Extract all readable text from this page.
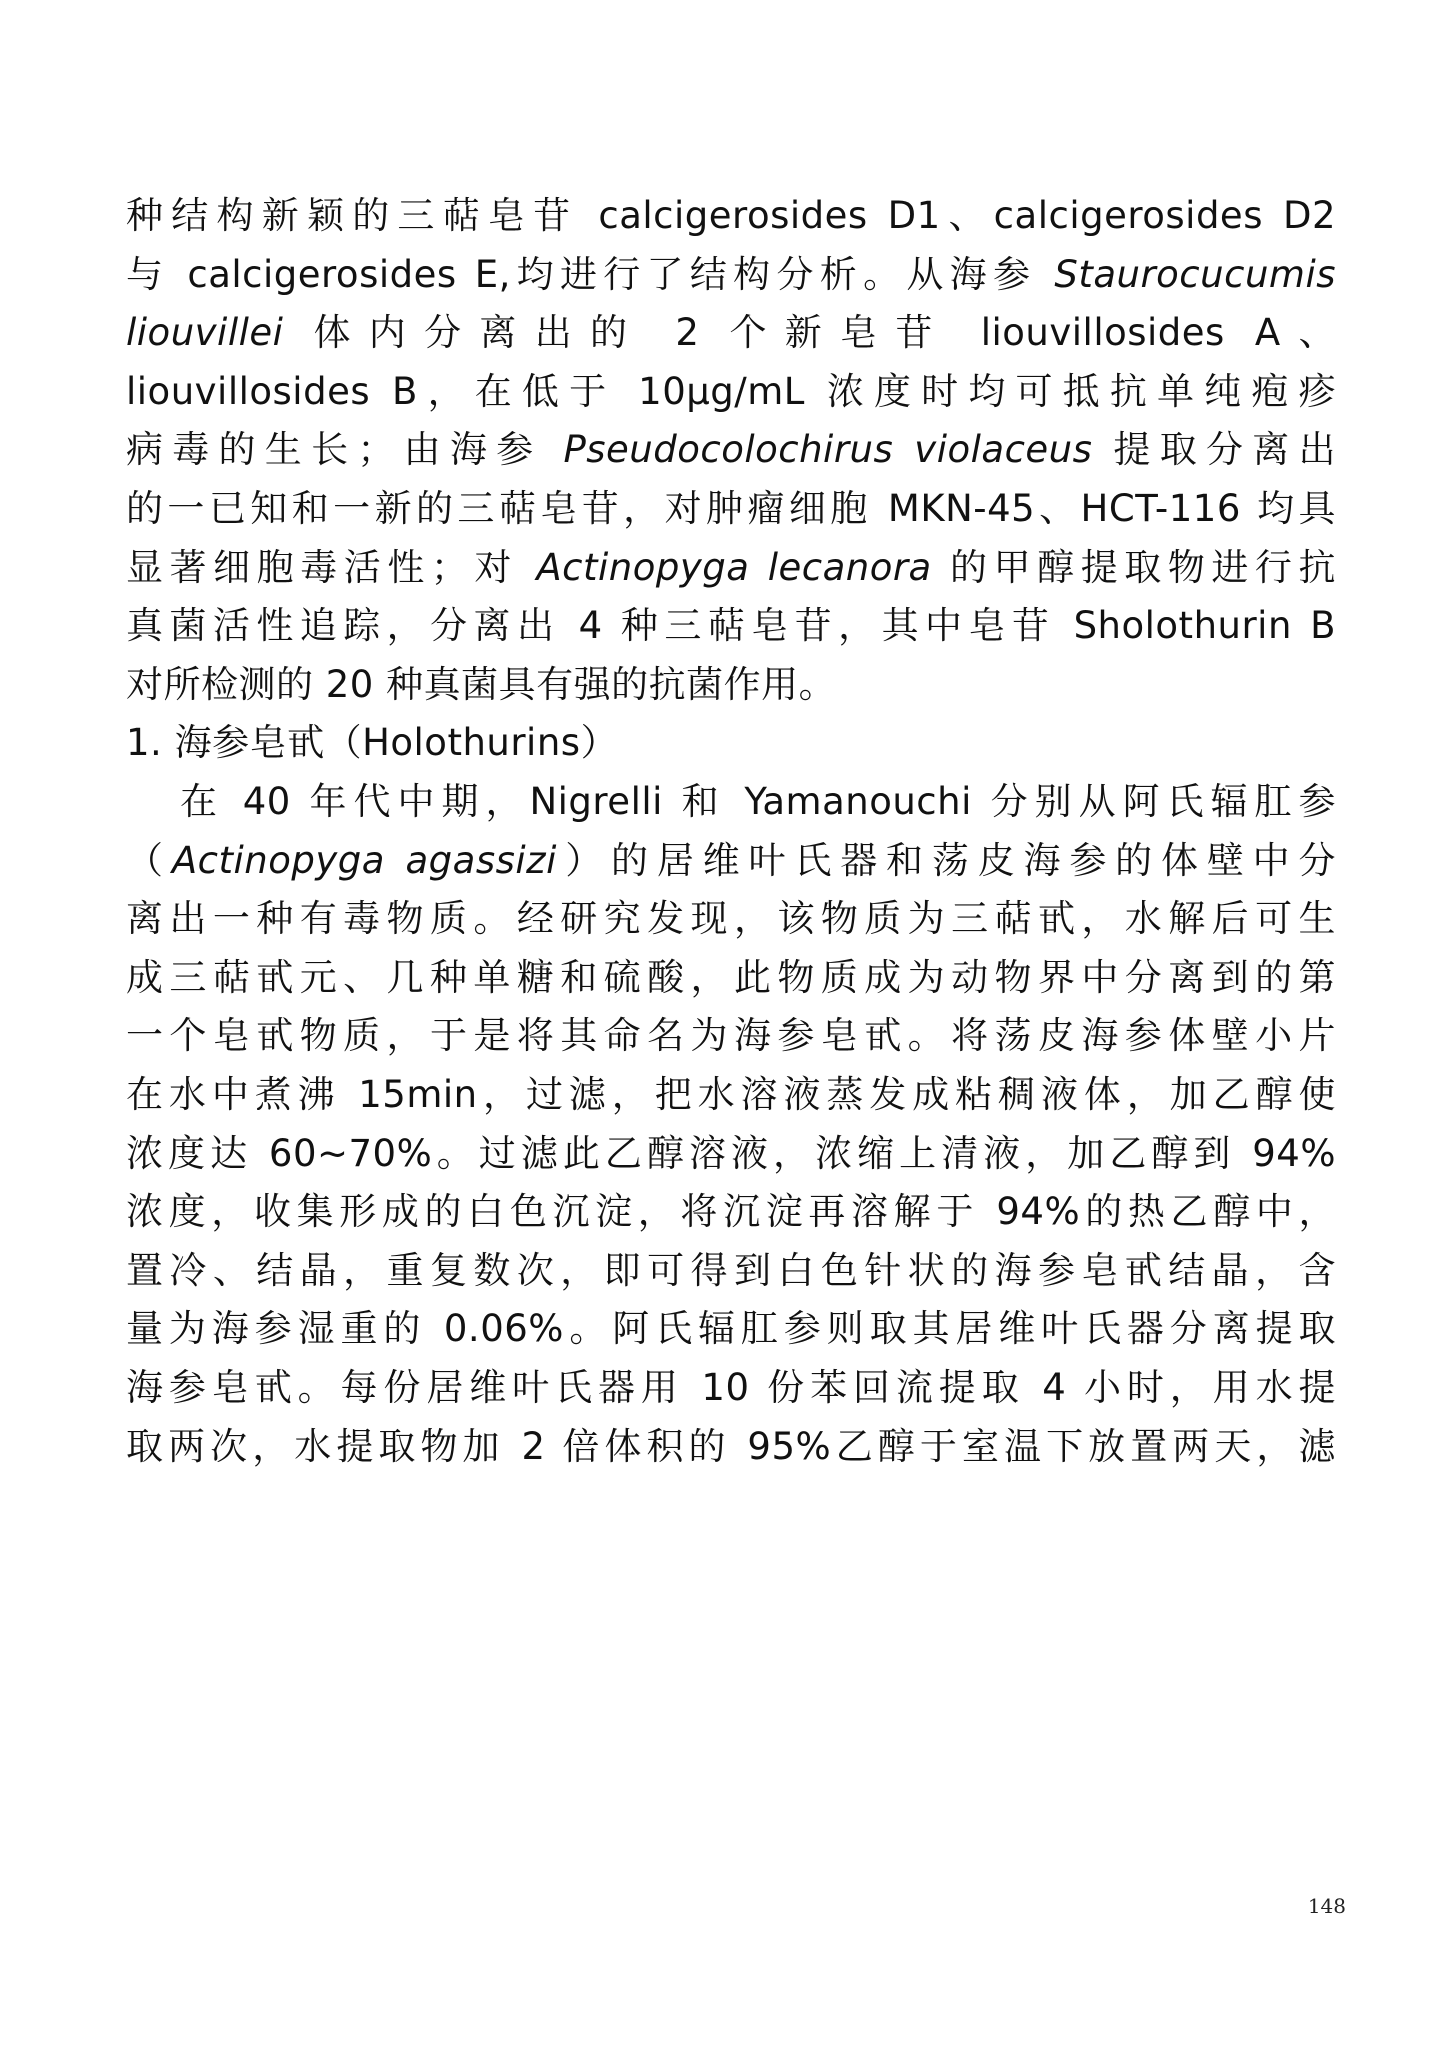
种结构新颖的三萜皂苷 calcigerosides D1、calcigerosides D2
与 calcigerosides E,均进行了结构分析。从海参 Staurocucumis
liouvillei 体内分离出的 2 个新皂苷 liouvillosides A、
liouvillosides B，在低于 10μg/mL 浓度时均可抵抗单纯疱疹
病毒的生长；由海参 Pseudocolochirus violaceus 提取分离出
的一已知和一新的三萜皂苷，对肿瘤细胞 MKN-45、HCT-116 均具
显著细胞毒活性；对 Actinopyga lecanora 的甲醇提取物进行抗
真菌活性追踪，分离出 4 种三萜皂苷，其中皂苷 Sholothurin B
对所检测的 20 种真菌具有强的抗菌作用。
1. 海参皂甙（Holothurins）
在 40 年代中期，Nigrelli 和 Yamanouchi 分别从阿氏辐肛参
（Actinopyga agassizi）的居维叶氏器和荡皮海参的体壁中分
离出一种有毒物质。经研究发现，该物质为三萜甙，水解后可生
成三萜甙元、几种单糖和硫酸，此物质成为动物界中分离到的第
一个皂甙物质，于是将其命名为海参皂甙。将荡皮海参体壁小片
在水中煮沸 15min，过滤，把水溶液蒸发成粘稠液体，加乙醇使
浓度达 60~70%。过滤此乙醇溶液，浓缩上清液，加乙醇到 94%
浓度，收集形成的白色沉淀，将沉淀再溶解于 94%的热乙醇中，
置冷、结晶，重复数次，即可得到白色针状的海参皂甙结晶，含
量为海参湿重的 0.06%。阿氏辐肛参则取其居维叶氏器分离提取
海参皂甙。每份居维叶氏器用 10 份苯回流提取 4 小时，用水提
取两次，水提取物加 2 倍体积的 95%乙醇于室温下放置两天，滤
148
